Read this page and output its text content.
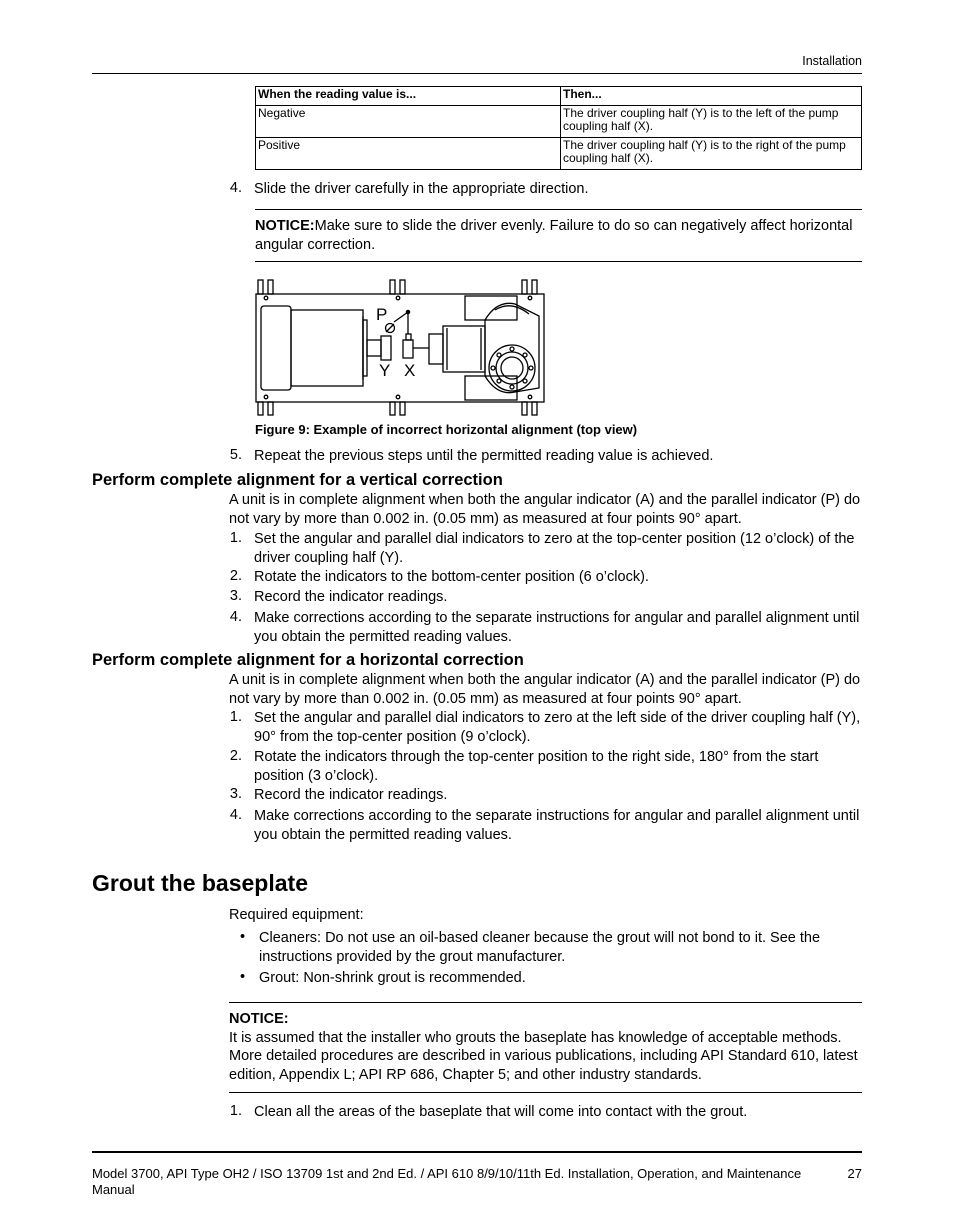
Installation
When the reading value is...	Then...
Negative	The driver coupling half (Y) is to the left of the pump coupling half (X).
Positive	The driver coupling half (Y) is to the right of the pump coupling half (X).
4. Slide the driver carefully in the appropriate direction.
NOTICE:Make sure to slide the driver evenly. Failure to do so can negatively affect horizontal angular correction.
P
Y X
Figure 9: Example of incorrect horizontal alignment (top view)
5. Repeat the previous steps until the permitted reading value is achieved.
Perform complete alignment for a vertical correction
A unit is in complete alignment when both the angular indicator (A) and the parallel indicator (P) do not vary by more than 0.002 in. (0.05 mm) as measured at four points 90° apart.
1. Set the angular and parallel dial indicators to zero at the top-center position (12 o’clock) of the driver coupling half (Y).
2. Rotate the indicators to the bottom-center position (6 o’clock).
3. Record the indicator readings.
4. Make corrections according to the separate instructions for angular and parallel alignment until you obtain the permitted reading values.
Perform complete alignment for a horizontal correction
A unit is in complete alignment when both the angular indicator (A) and the parallel indicator (P) do not vary by more than 0.002 in. (0.05 mm) as measured at four points 90° apart.
1. Set the angular and parallel dial indicators to zero at the left side of the driver coupling half (Y), 90° from the top-center position (9 o’clock).
2. Rotate the indicators through the top-center position to the right side, 180° from the start position (3 o’clock).
3. Record the indicator readings.
4. Make corrections according to the separate instructions for angular and parallel alignment until you obtain the permitted reading values.
Grout the baseplate
Required equipment:
• Cleaners: Do not use an oil-based cleaner because the grout will not bond to it. See the instructions provided by the grout manufacturer.
• Grout: Non-shrink grout is recommended.
NOTICE:
It is assumed that the installer who grouts the baseplate has knowledge of acceptable methods. More detailed procedures are described in various publications, including API Standard 610, latest edition, Appendix L; API RP 686, Chapter 5; and other industry standards.
1. Clean all the areas of the baseplate that will come into contact with the grout.
Model 3700, API Type OH2 / ISO 13709 1st and 2nd Ed. / API 610 8/9/10/11th Ed. Installation, Operation, and Maintenance Manual
27
